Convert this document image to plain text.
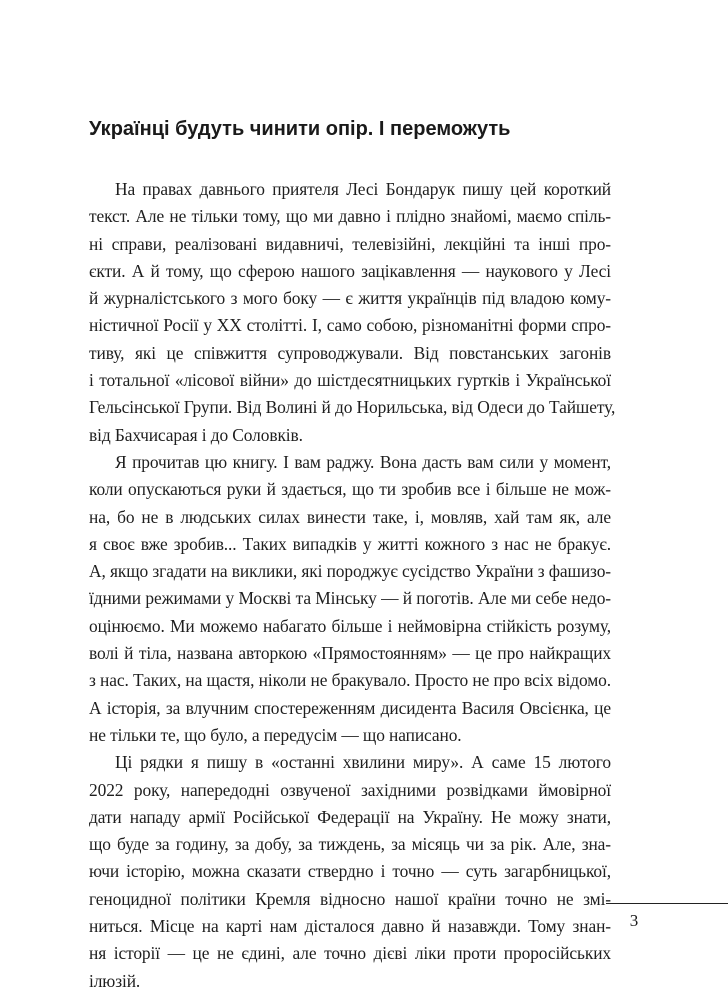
Українці будуть чинити опір. І переможуть

На правах давнього приятеля Лесі Бондарук пишу цей короткий
текст. Але не тільки тому, що ми давно і плідно знайомі, маємо спіль-
ні справи, реалізовані видавничі, телевізійні, лекційні та інші про-
єкти. А й тому, що сферою нашого зацікавлення — наукового у Лесі
й журналістського з мого боку — є життя українців під владою кому-
ністичної Росії у XX столітті. І, само собою, різноманітні форми спро-
тиву, які це співжиття супроводжували. Від повстанських загонів
і тотальної «лісової війни» до шістдесятницьких гуртків і Української
Гельсінської Групи. Від Волині й до Норильська, від Одеси до Тайшету,
від Бахчисарая і до Соловків.

Я прочитав цю книгу. І вам раджу. Вона дасть вам сили у момент,
коли опускаються руки й здається, що ти зробив все і більше не мож-
на, бо не в людських силах винести таке, і, мовляв, хай там як, але
я своє вже зробив... Таких випадків у житті кожного з нас не бракує.
А, якщо згадати на виклики, які породжує сусідство України з фашизо-
їдними режимами у Москві та Мінську — й поготів. Але ми себе недо-
оцінюємо. Ми можемо набагато більше і неймовірна стійкість розуму,
волі й тіла, названа авторкою «Прямостоянням» — це про найкращих
з нас. Таких, на щастя, ніколи не бракувало. Просто не про всіх відомо.
А історія, за влучним спостереженням дисидента Василя Овсієнка, це
не тільки те, що було, а передусім — що написано.

Ці рядки я пишу в «останні хвилини миру». А саме 15 лютого
2022 року, напередодні озвученої західними розвідками ймовірної
дати нападу армії Російської Федерації на Україну. Не можу знати,
що буде за годину, за добу, за тиждень, за місяць чи за рік. Але, зна-
ючи історію, можна сказати ствердно і точно — суть загарбницької,
геноцидної політики Кремля відносно нашої країни точно не змі-
ниться. Місце на карті нам дісталося давно й назавжди. Тому знан-
ня історії — це не єдині, але точно дієві ліки проти проросійських
ілюзій.

3
